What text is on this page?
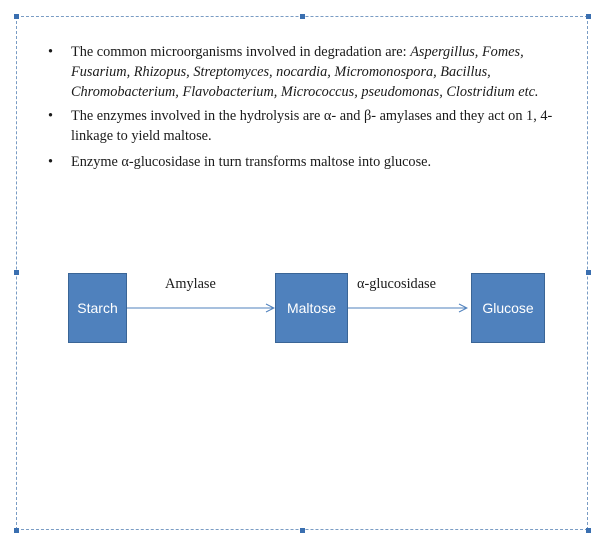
• The common microorganisms involved in degradation are: Aspergillus, Fomes, Fusarium, Rhizopus, Streptomyces, nocardia, Micromonospora, Bacillus, Chromobacterium, Flavobacterium, Micrococcus, pseudomonas, Clostridium etc.
• The enzymes involved in the hydrolysis are α- and β- amylases and they act on 1, 4-linkage to yield maltose.
• Enzyme α-glucosidase in turn transforms maltose into glucose.
Starch	Maltose	Glucose
Amylase	α-glucosidase
